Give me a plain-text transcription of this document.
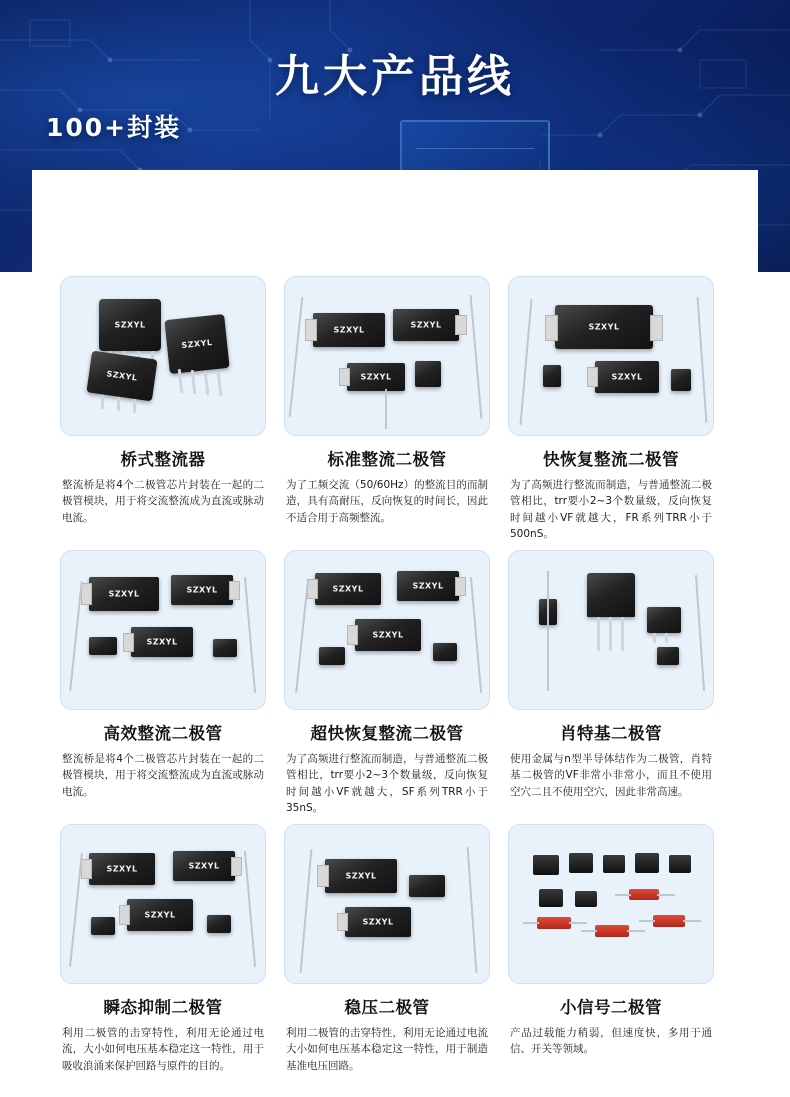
九大产品线
100+封装
SZXYL
SZXYL
SZXYL
桥式整流器
整流桥是将4个二极管芯片封装在一起的二极管模块，用于将交流整流成为直流或脉动电流。
SZXYL
SZXYL
SZXYL
标准整流二极管
为了工频交流（50/60Hz）的整流目的而制造，具有高耐压，反向恢复的时间长，因此不适合用于高频整流。
SZXYL
SZXYL
快恢复整流二极管
为了高频进行整流而制造，与普通整流二极管相比，trr要小2~3个数量级，反向恢复时间越小VF就越大，FR系列TRR小于500nS。
SZXYL	SZXYL
SZXYL
高效整流二极管
整流桥是将4个二极管芯片封装在一起的二极管模块，用于将交流整流成为直流或脉动电流。
SZXYL	SZXYL
SZXYL
超快恢复整流二极管
为了高频进行整流而制造，与普通整流二极管相比，trr要小2~3个数量级，反向恢复时间越小VF就越大，SF系列TRR小于35nS。
肖特基二极管
使用金属与n型半导体结作为二极管，肖特基二极管的VF非常小非常小，而且不使用空穴二且不使用空穴，因此非常高速。
SZXYL	SZXYL
SZXYL
瞬态抑制二极管
利用二极管的击穿特性，利用无论通过电流，大小如何电压基本稳定这一特性，用于吸收浪涌来保护回路与原件的目的。
SZXYL
SZXYL
稳压二极管
利用二极管的击穿特性，利用无论通过电流大小如何电压基本稳定这一特性，用于制造基准电压回路。
小信号二极管
产品过载能力稍弱，但速度快，多用于通信、开关等领域。
